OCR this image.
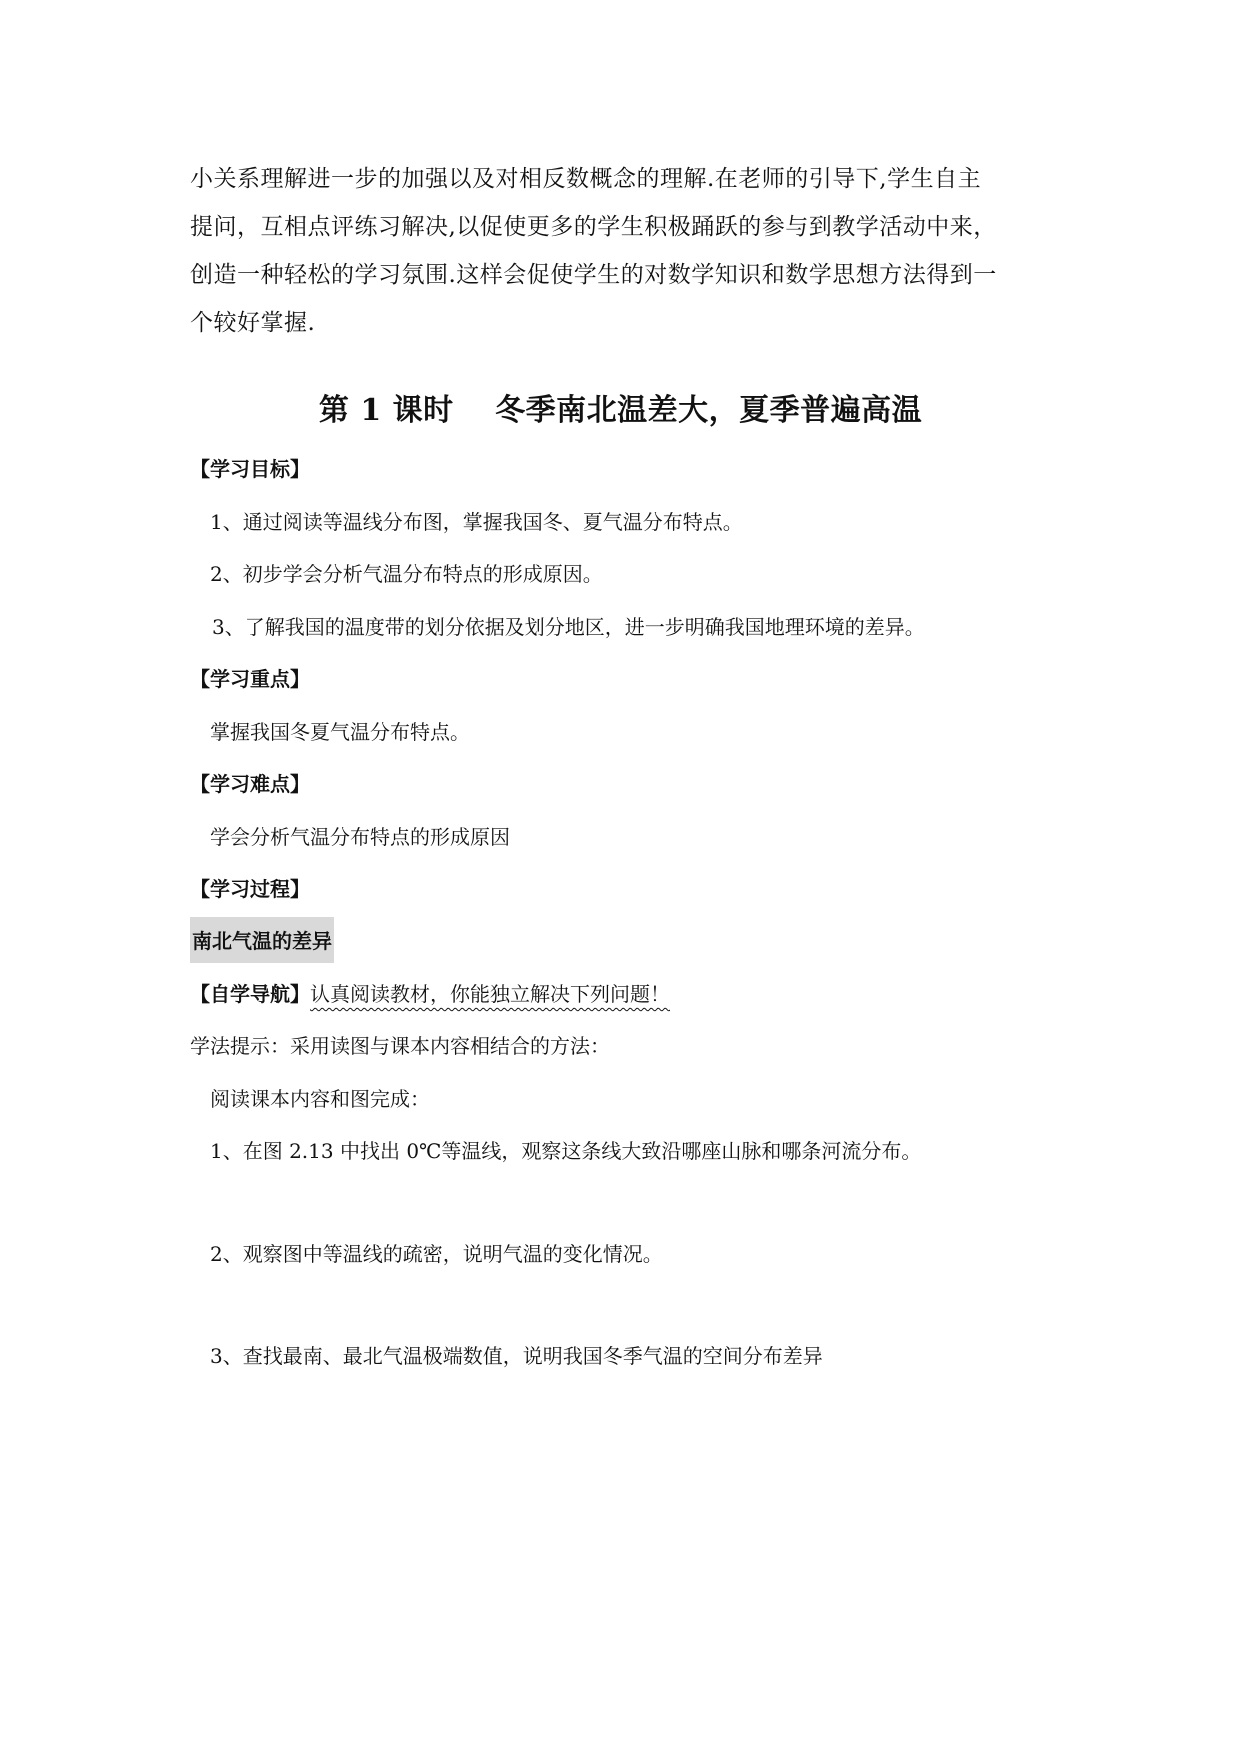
小关系理解进一步的加强以及对相反数概念的理解.在老师的引导下,学生自主

提问，互相点评练习解决,以促使更多的学生积极踊跃的参与到教学活动中来，

创造一种轻松的学习氛围.这样会促使学生的对数学知识和数学思想方法得到一

个较好掌握.

第 1 课时　 冬季南北温差大，夏季普遍高温

【学习目标】

1、通过阅读等温线分布图，掌握我国冬、夏气温分布特点。

2、初步学会分析气温分布特点的形成原因。

3、了解我国的温度带的划分依据及划分地区，进一步明确我国地理环境的差异。

【学习重点】

掌握我国冬夏气温分布特点。

【学习难点】

学会分析气温分布特点的形成原因

【学习过程】

南北气温的差异

【自学导航】认真阅读教材，你能独立解决下列问题！

学法提示：采用读图与课本内容相结合的方法：

阅读课本内容和图完成：

1、在图 2.13 中找出 0℃等温线，观察这条线大致沿哪座山脉和哪条河流分布。

2、观察图中等温线的疏密，说明气温的变化情况。

3、查找最南、最北气温极端数值，说明我国冬季气温的空间分布差异
